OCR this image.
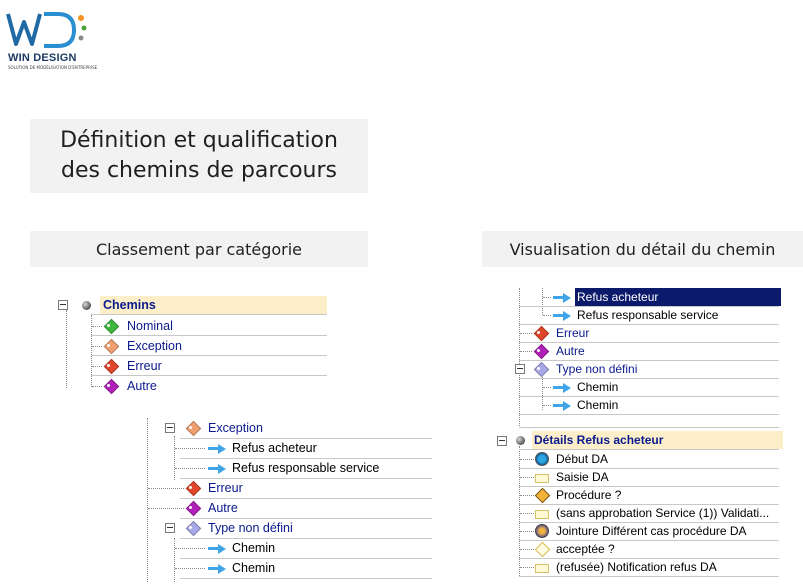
WIN DESIGN
SOLUTION DE MODÉLISATION D'ENTREPRISE
Définition et qualification des chemins de parcours
Classement par catégorie	Visualisation du détail du chemin
Chemins
Nominal
Exception
Erreur
Autre
Exception
Refus acheteur
Refus responsable service
Erreur
Autre
Type non défini
Chemin
Chemin
Refus acheteur
Refus responsable service
Erreur
Autre
Type non défini
Chemin
Chemin
Détails Refus acheteur
Début DA
Saisie DA
Procédure ?
(sans approbation Service (1)) Validati...
Jointure Différent cas procédure DA
acceptée ?
(refusée) Notification refus DA
